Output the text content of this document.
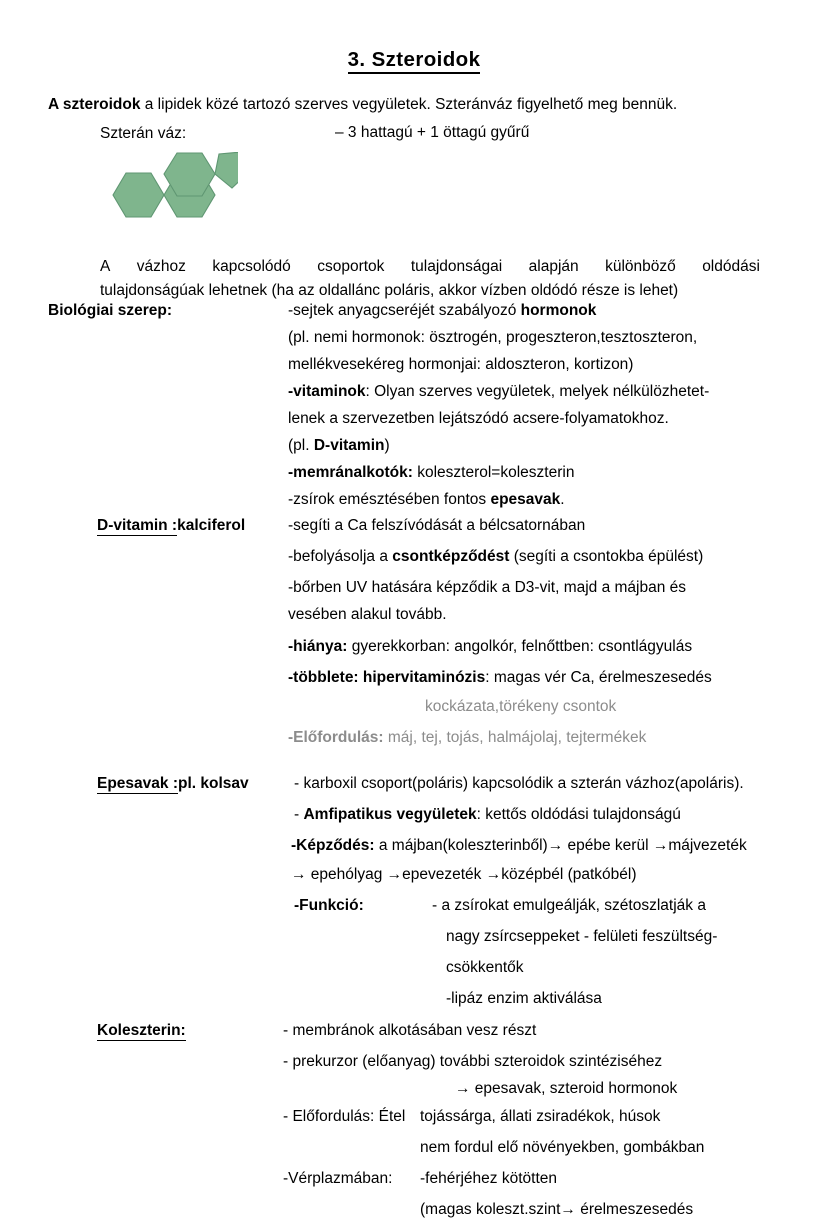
3. Szteroidok
A szteroidok a lipidek közé tartozó szerves vegyületek. Szteránváz figyelhető meg bennük.
Szterán váz:	– 3 hattagú + 1 öttagú gyűrű
A vázhoz kapcsolódó csoportok tulajdonságai alapján különböző oldódási
tulajdonságúak lehetnek (ha az oldallánc poláris, akkor vízben oldódó része is lehet)
Biológiai szerep:	-sejtek anyagcseréjét szabályozó hormonok
(pl. nemi hormonok: ösztrogén, progeszteron,tesztoszteron,
mellékvesekéreg hormonjai: aldoszteron, kortizon)
-vitaminok: Olyan szerves vegyületek, melyek nélkülözhetet-
lenek a szervezetben lejátszódó acsere-folyamatokhoz.
(pl. D-vitamin)
-memránalkotók: koleszterol=koleszterin
-zsírok emésztésében fontos epesavak.
D-vitamin :kalciferol	-segíti a Ca felszívódását a bélcsatornában
-befolyásolja a csontképződést (segíti a csontokba épülést)
-bőrben UV hatására képződik a D3-vit, majd a májban és
vesében alakul tovább.
-hiánya: gyerekkorban: angolkór, felnőttben: csontlágyulás
-többlete: hipervitaminózis: magas vér Ca, érelmeszesedés
kockázata,törékeny csontok
-Előfordulás: máj, tej, tojás, halmájolaj, tejtermékek
Epesavak :pl. kolsav	- karboxil csoport(poláris) kapcsolódik a szterán vázhoz(apoláris).
- Amfipatikus vegyületek: kettős oldódási tulajdonságú
-Képződés: a májban(koleszterinből)→ epébe kerül →májvezeték
→ epehólyag →epevezeték →középbél (patkóbél)
-Funkció:	- a zsírokat emulgeálják, szétoszlatják a
nagy zsírcseppeket - felületi feszültség-
csökkentők
-lipáz enzim aktiválása
Koleszterin:	- membránok alkotásában vesz részt
- prekurzor (előanyag) további szteroidok szintéziséhez
→ epesavak, szteroid hormonok
- Előfordulás: Étel tojássárga, állati zsiradékok, húsok
nem fordul elő növényekben, gombákban
-Vérplazmában: -fehérjéhez kötötten
(magas koleszt.szint→ érelmeszesedés
